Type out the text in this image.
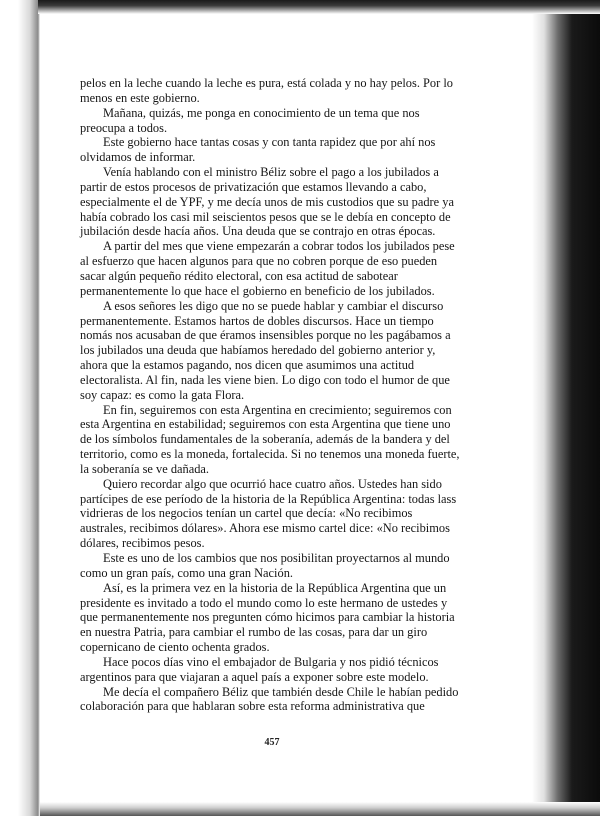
pelos en la leche cuando la leche es pura, está colada y no hay pelos. Por lo
menos en este gobierno.
Mañana, quizás, me ponga en conocimiento de un tema que nos
preocupa a todos.
Este gobierno hace tantas cosas y con tanta rapidez que por ahí nos
olvidamos de informar.
Venía hablando con el ministro Béliz sobre el pago a los jubilados a
partir de estos procesos de privatización que estamos llevando a cabo,
especialmente el de YPF, y me decía unos de mis custodios que su padre ya
había cobrado los casi mil seiscientos pesos que se le debía en concepto de
jubilación desde hacía años. Una deuda que se contrajo en otras épocas.
A partir del mes que viene empezarán a cobrar todos los jubilados pese
al esfuerzo que hacen algunos para que no cobren porque de eso pueden
sacar algún pequeño rédito electoral, con esa actitud de sabotear
permanentemente lo que hace el gobierno en beneficio de los jubilados.
A esos señores les digo que no se puede hablar y cambiar el discurso
permanentemente. Estamos hartos de dobles discursos. Hace un tiempo
nomás nos acusaban de que éramos insensibles porque no les pagábamos a
los jubilados una deuda que habíamos heredado del gobierno anterior y,
ahora que la estamos pagando, nos dicen que asumimos una actitud
electoralista. Al fin, nada les viene bien. Lo digo con todo el humor de que
soy capaz: es como la gata Flora.
En fin, seguiremos con esta Argentina en crecimiento; seguiremos con
esta Argentina en estabilidad; seguiremos con esta Argentina que tiene uno
de los símbolos fundamentales de la soberanía, además de la bandera y del
territorio, como es la moneda, fortalecida. Si no tenemos una moneda fuerte,
la soberanía se ve dañada.
Quiero recordar algo que ocurrió hace cuatro años. Ustedes han sido
partícipes de ese período de la historia de la República Argentina: todas lass
vidrieras de los negocios tenían un cartel que decía: «No recibimos
australes, recibimos dólares». Ahora ese mismo cartel dice: «No recibimos
dólares, recibimos pesos.
Este es uno de los cambios que nos posibilitan proyectarnos al mundo
como un gran país, como una gran Nación.
Así, es la primera vez en la historia de la República Argentina que un
presidente es invitado a todo el mundo como lo este hermano de ustedes y
que permanentemente nos pregunten cómo hicimos para cambiar la historia
en nuestra Patria, para cambiar el rumbo de las cosas, para dar un giro
copernicano de ciento ochenta grados.
Hace pocos días vino el embajador de Bulgaria y nos pidió técnicos
argentinos para que viajaran a aquel país a exponer sobre este modelo.
Me decía el compañero Béliz que también desde Chile le habían pedido
colaboración para que hablaran sobre esta reforma administrativa que
457
